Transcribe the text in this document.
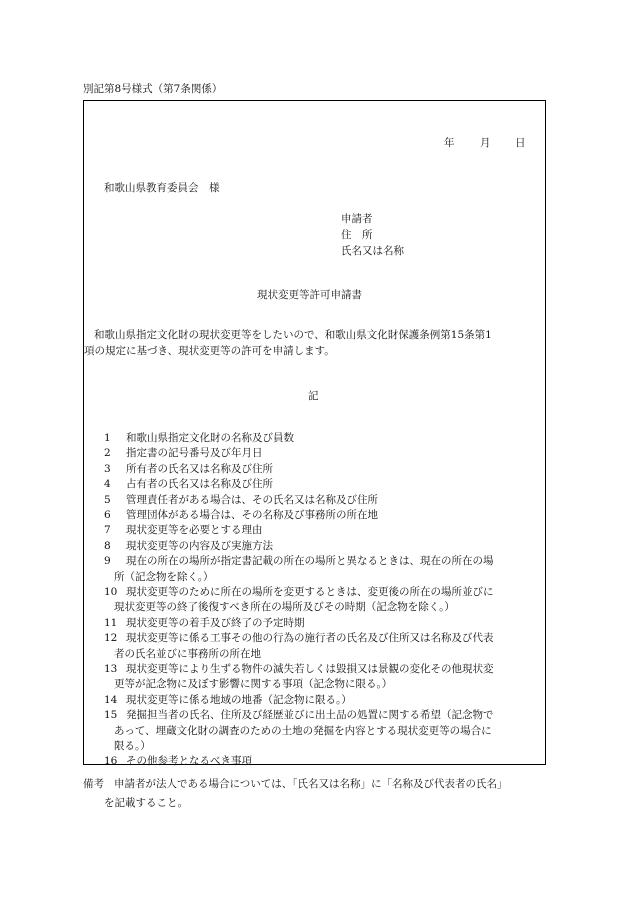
別記第8号様式（第7条関係）
年 月 日
和歌山県教育委員会　様
申請者
住　所
氏名又は名称
現状変更等許可申請書
和歌山県指定文化財の現状変更等をしたいので、和歌山県文化財保護条例第15条第1
項の規定に基づき、現状変更等の許可を申請します。
記
1 和歌山県指定文化財の名称及び員数
2 指定書の記号番号及び年月日
3 所有者の氏名又は名称及び住所
4 占有者の氏名又は名称及び住所
5 管理責任者がある場合は、その氏名又は名称及び住所
6 管理団体がある場合は、その名称及び事務所の所在地
7 現状変更等を必要とする理由
8 現状変更等の内容及び実施方法
9 現在の所在の場所が指定書記載の所在の場所と異なるときは、現在の所在の場
所（記念物を除く。）
10 現状変更等のために所在の場所を変更するときは、変更後の所在の場所並びに
現状変更等の終了後復すべき所在の場所及びその時期（記念物を除く。）
11 現状変更等の着手及び終了の予定時期
12 現状変更等に係る工事その他の行為の施行者の氏名及び住所又は名称及び代表
者の氏名並びに事務所の所在地
13 現状変更等により生ずる物件の滅失若しくは毀損又は景観の変化その他現状変
更等が記念物に及ぼす影響に関する事項（記念物に限る。）
14 現状変更等に係る地域の地番（記念物に限る。）
15 発掘担当者の氏名、住所及び経歴並びに出土品の処置に関する希望（記念物で
あって、埋蔵文化財の調査のための土地の発掘を内容とする現状変更等の場合に
限る。）
16 その他参考となるべき事項
備考 申請者が法人である場合については、「氏名又は名称」に「名称及び代表者の氏名」
を記載すること。
